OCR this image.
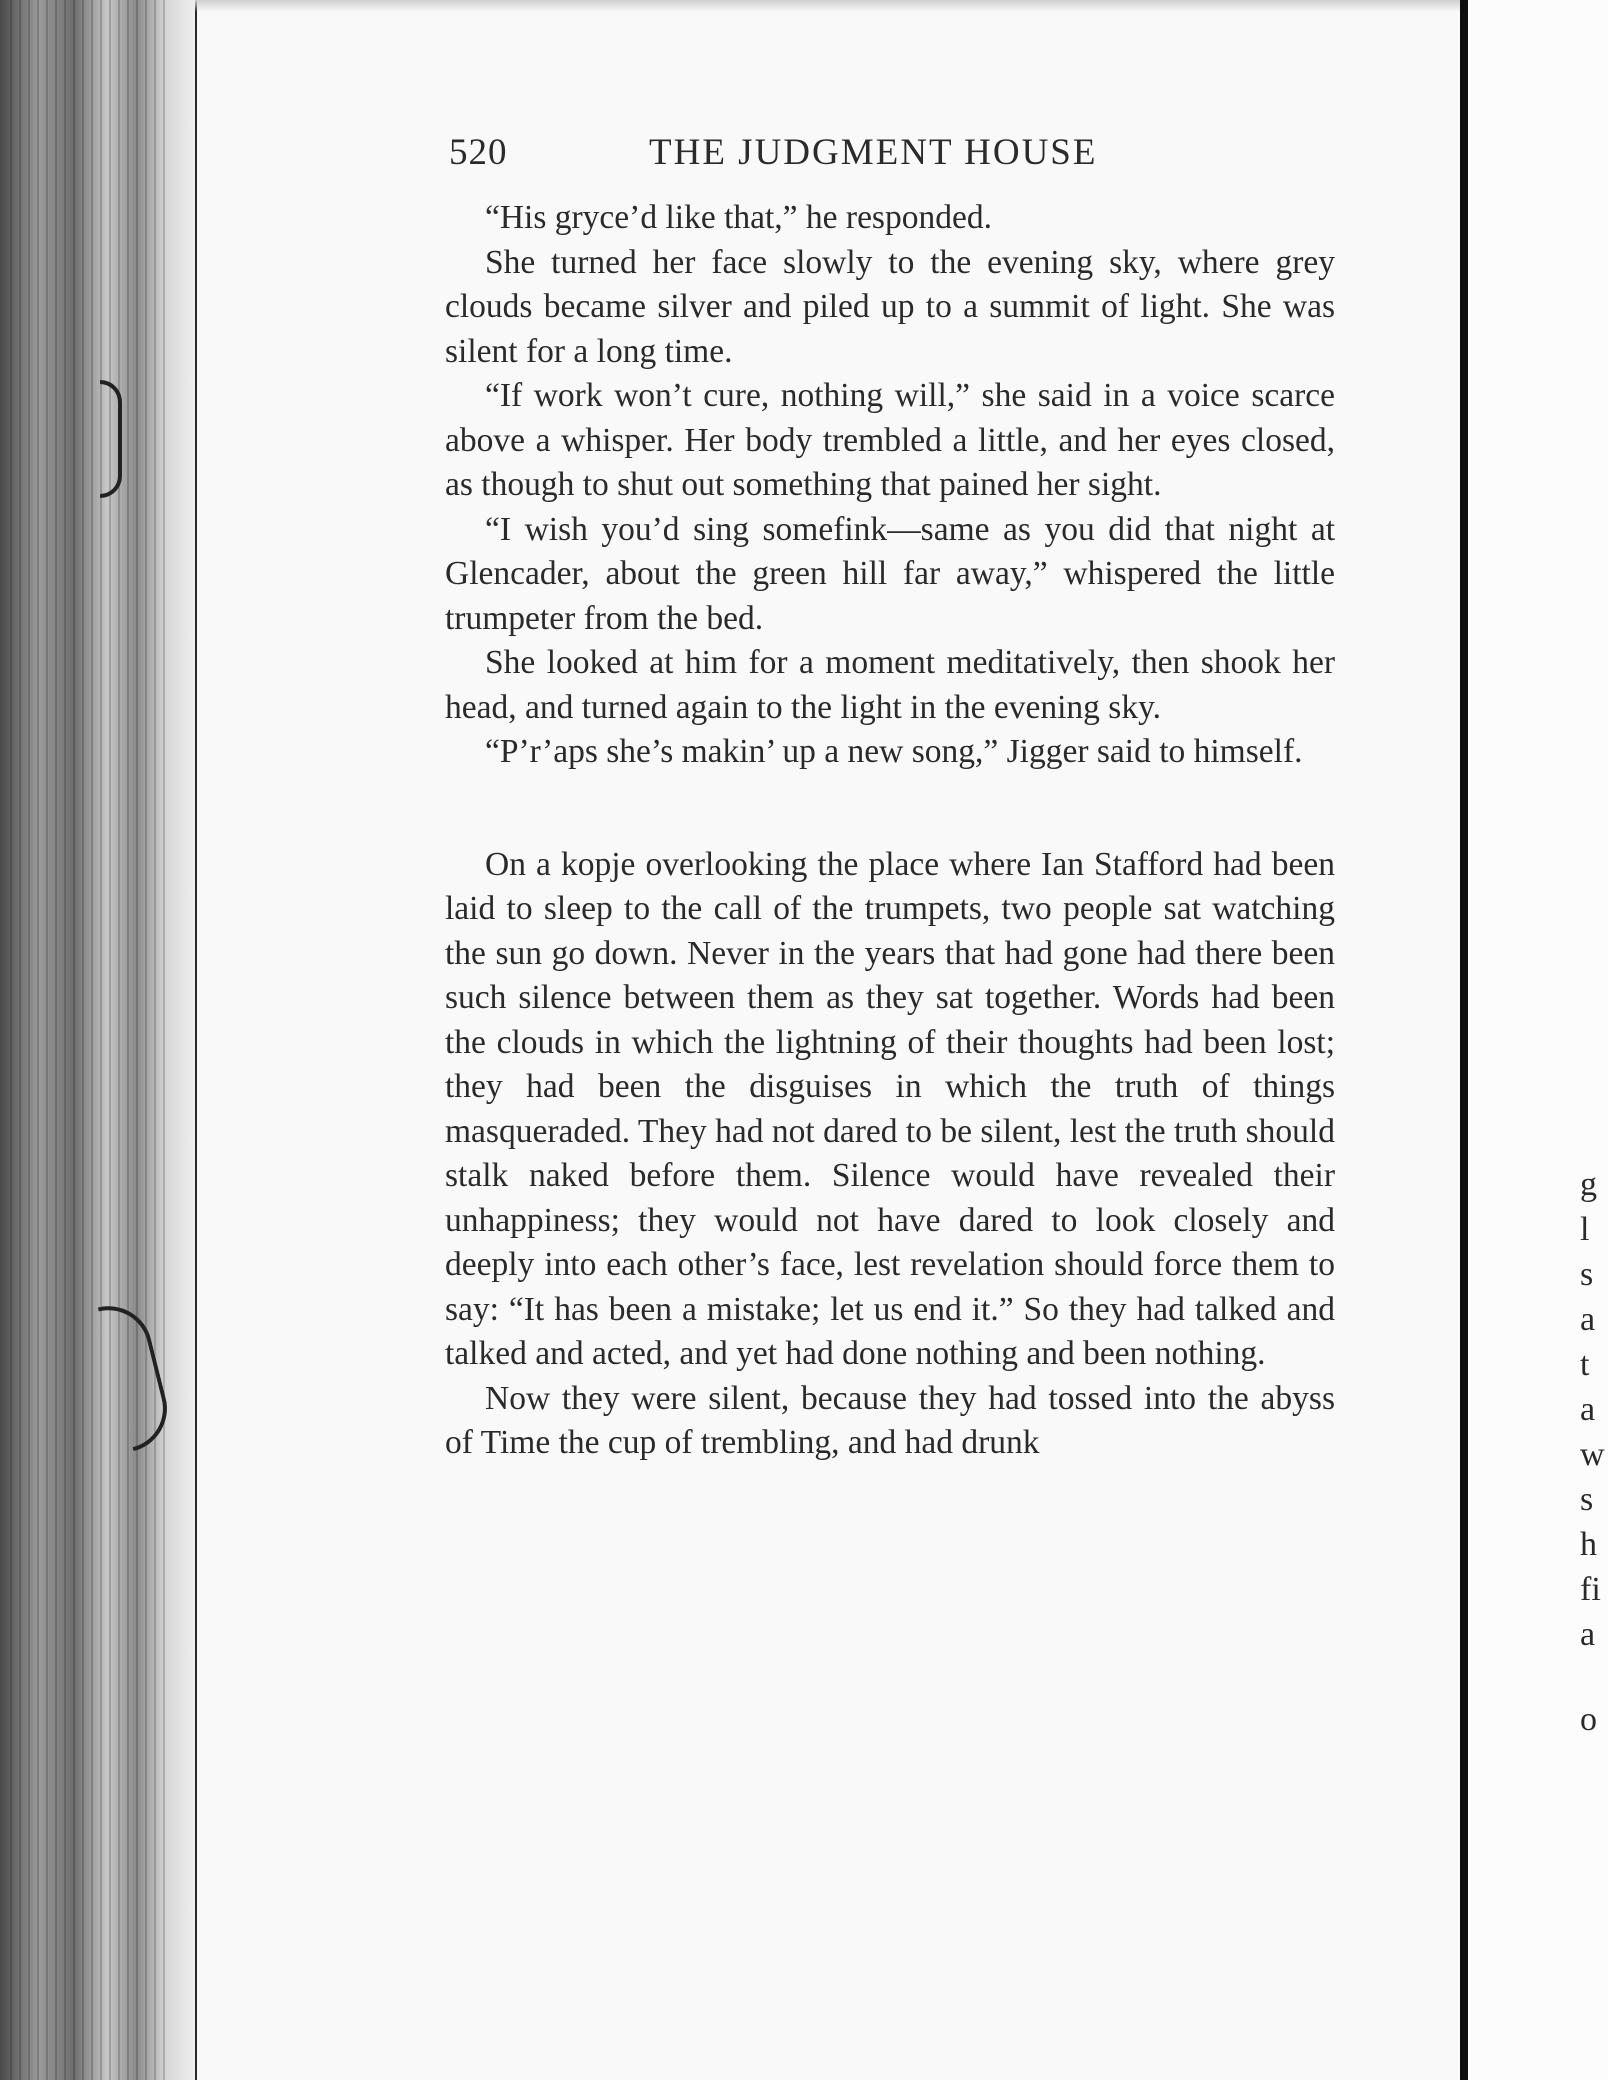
520	THE JUDGMENT HOUSE

“His gryce’d like that,” he responded.

She turned her face slowly to the evening sky, where grey clouds became silver and piled up to a summit of light. She was silent for a long time.

“If work won’t cure, nothing will,” she said in a voice scarce above a whisper. Her body trembled a little, and her eyes closed, as though to shut out something that pained her sight.

“I wish you’d sing somefink—same as you did that night at Glencader, about the green hill far away,” whispered the little trumpeter from the bed.

She looked at him for a moment meditatively, then shook her head, and turned again to the light in the evening sky.

“P’r’aps she’s makin’ up a new song,” Jigger said to himself.

On a kopje overlooking the place where Ian Stafford had been laid to sleep to the call of the trumpets, two people sat watching the sun go down. Never in the years that had gone had there been such silence between them as they sat together. Words had been the clouds in which the lightning of their thoughts had been lost; they had been the disguises in which the truth of things masqueraded. They had not dared to be silent, lest the truth should stalk naked before them. Silence would have revealed their unhappiness; they would not have dared to look closely and deeply into each other’s face, lest revelation should force them to say: “It has been a mistake; let us end it.” So they had talked and talked and acted, and yet had done nothing and been nothing.

Now they were silent, because they had tossed into the abyss of Time the cup of trembling, and had drunk

g
l
s
a
t
a
w
s
h
fi
a
o
